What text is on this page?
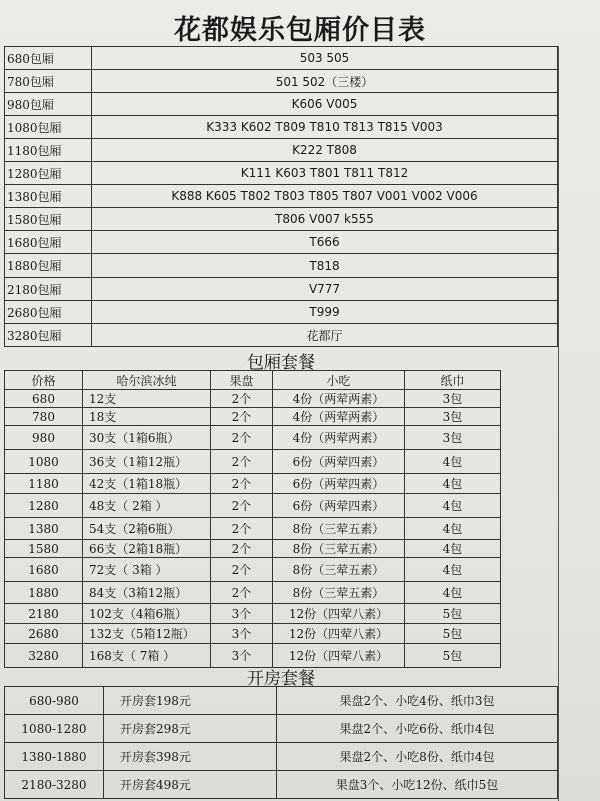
花都娱乐包厢价目表
680包厢	503 505
780包厢	501 502（三楼）
980包厢	K606 V005
1080包厢	K333 K602 T809 T810 T813 T815 V003
1180包厢	K222 T808
1280包厢	K111 K603 T801 T811 T812
1380包厢	K888 K605 T802 T803 T805 T807 V001 V002 V006
1580包厢	T806 V007 k555
1680包厢	T666
1880包厢	T818
2180包厢	V777
2680包厢	T999
3280包厢	花都厅
包厢套餐
价格	哈尔滨冰纯	果盘	小吃	纸巾
680	12支	2个	4份（两荤两素）	3包
780	18支	2个	4份（两荤两素）	3包
980	30支（1箱6瓶）	2个	4份（两荤两素）	3包
1080	36支（1箱12瓶）	2个	6份（两荤四素）	4包
1180	42支（1箱18瓶）	2个	6份（两荤四素）	4包
1280	48支（ 2箱 ）	2个	6份（两荤四素）	4包
1380	54支（2箱6瓶）	2个	8份（三荤五素）	4包
1580	66支（2箱18瓶）	2个	8份（三荤五素）	4包
1680	72支（ 3箱 ）	2个	8份（三荤五素）	4包
1880	84支（3箱12瓶）	2个	8份（三荤五素）	4包
2180	102支（4箱6瓶）	3个	12份（四荤八素）	5包
2680	132支（5箱12瓶）	3个	12份（四荤八素）	5包
3280	168支（ 7箱 ）	3个	12份（四荤八素）	5包
开房套餐
680-980	开房套198元	果盘2个、小吃4份、纸巾3包
1080-1280	开房套298元	果盘2个、小吃6份、纸巾4包
1380-1880	开房套398元	果盘2个、小吃8份、纸巾4包
2180-3280	开房套498元	果盘3个、小吃12份、纸巾5包
